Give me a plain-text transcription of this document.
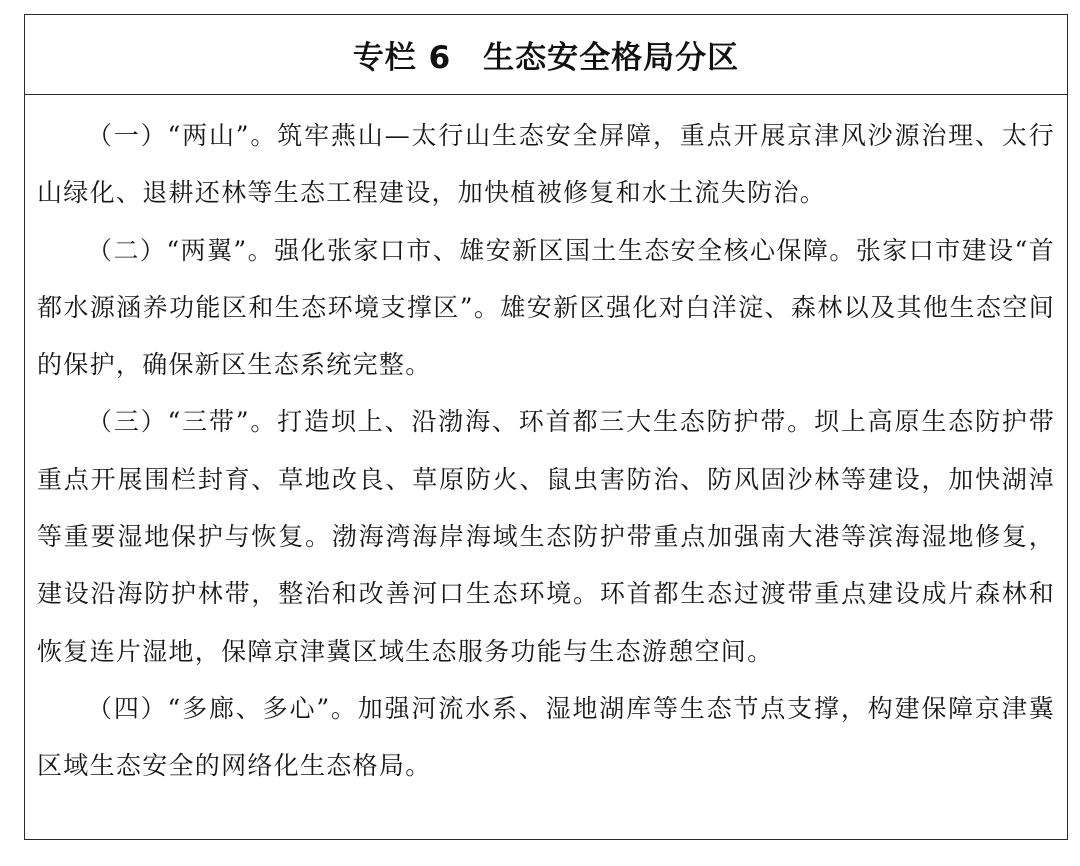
专栏 6　生态安全格局分区

（一）“两山”。筑牢燕山—太行山生态安全屏障，重点开展京津风沙源治理、太行山绿化、退耕还林等生态工程建设，加快植被修复和水土流失防治。

（二）“两翼”。强化张家口市、雄安新区国土生态安全核心保障。张家口市建设“首都水源涵养功能区和生态环境支撑区”。雄安新区强化对白洋淀、森林以及其他生态空间的保护，确保新区生态系统完整。

（三）“三带”。打造坝上、沿渤海、环首都三大生态防护带。坝上高原生态防护带重点开展围栏封育、草地改良、草原防火、鼠虫害防治、防风固沙林等建设，加快湖淖等重要湿地保护与恢复。渤海湾海岸海域生态防护带重点加强南大港等滨海湿地修复，建设沿海防护林带，整治和改善河口生态环境。环首都生态过渡带重点建设成片森林和恢复连片湿地，保障京津冀区域生态服务功能与生态游憩空间。

（四）“多廊、多心”。加强河流水系、湿地湖库等生态节点支撑，构建保障京津冀区域生态安全的网络化生态格局。
